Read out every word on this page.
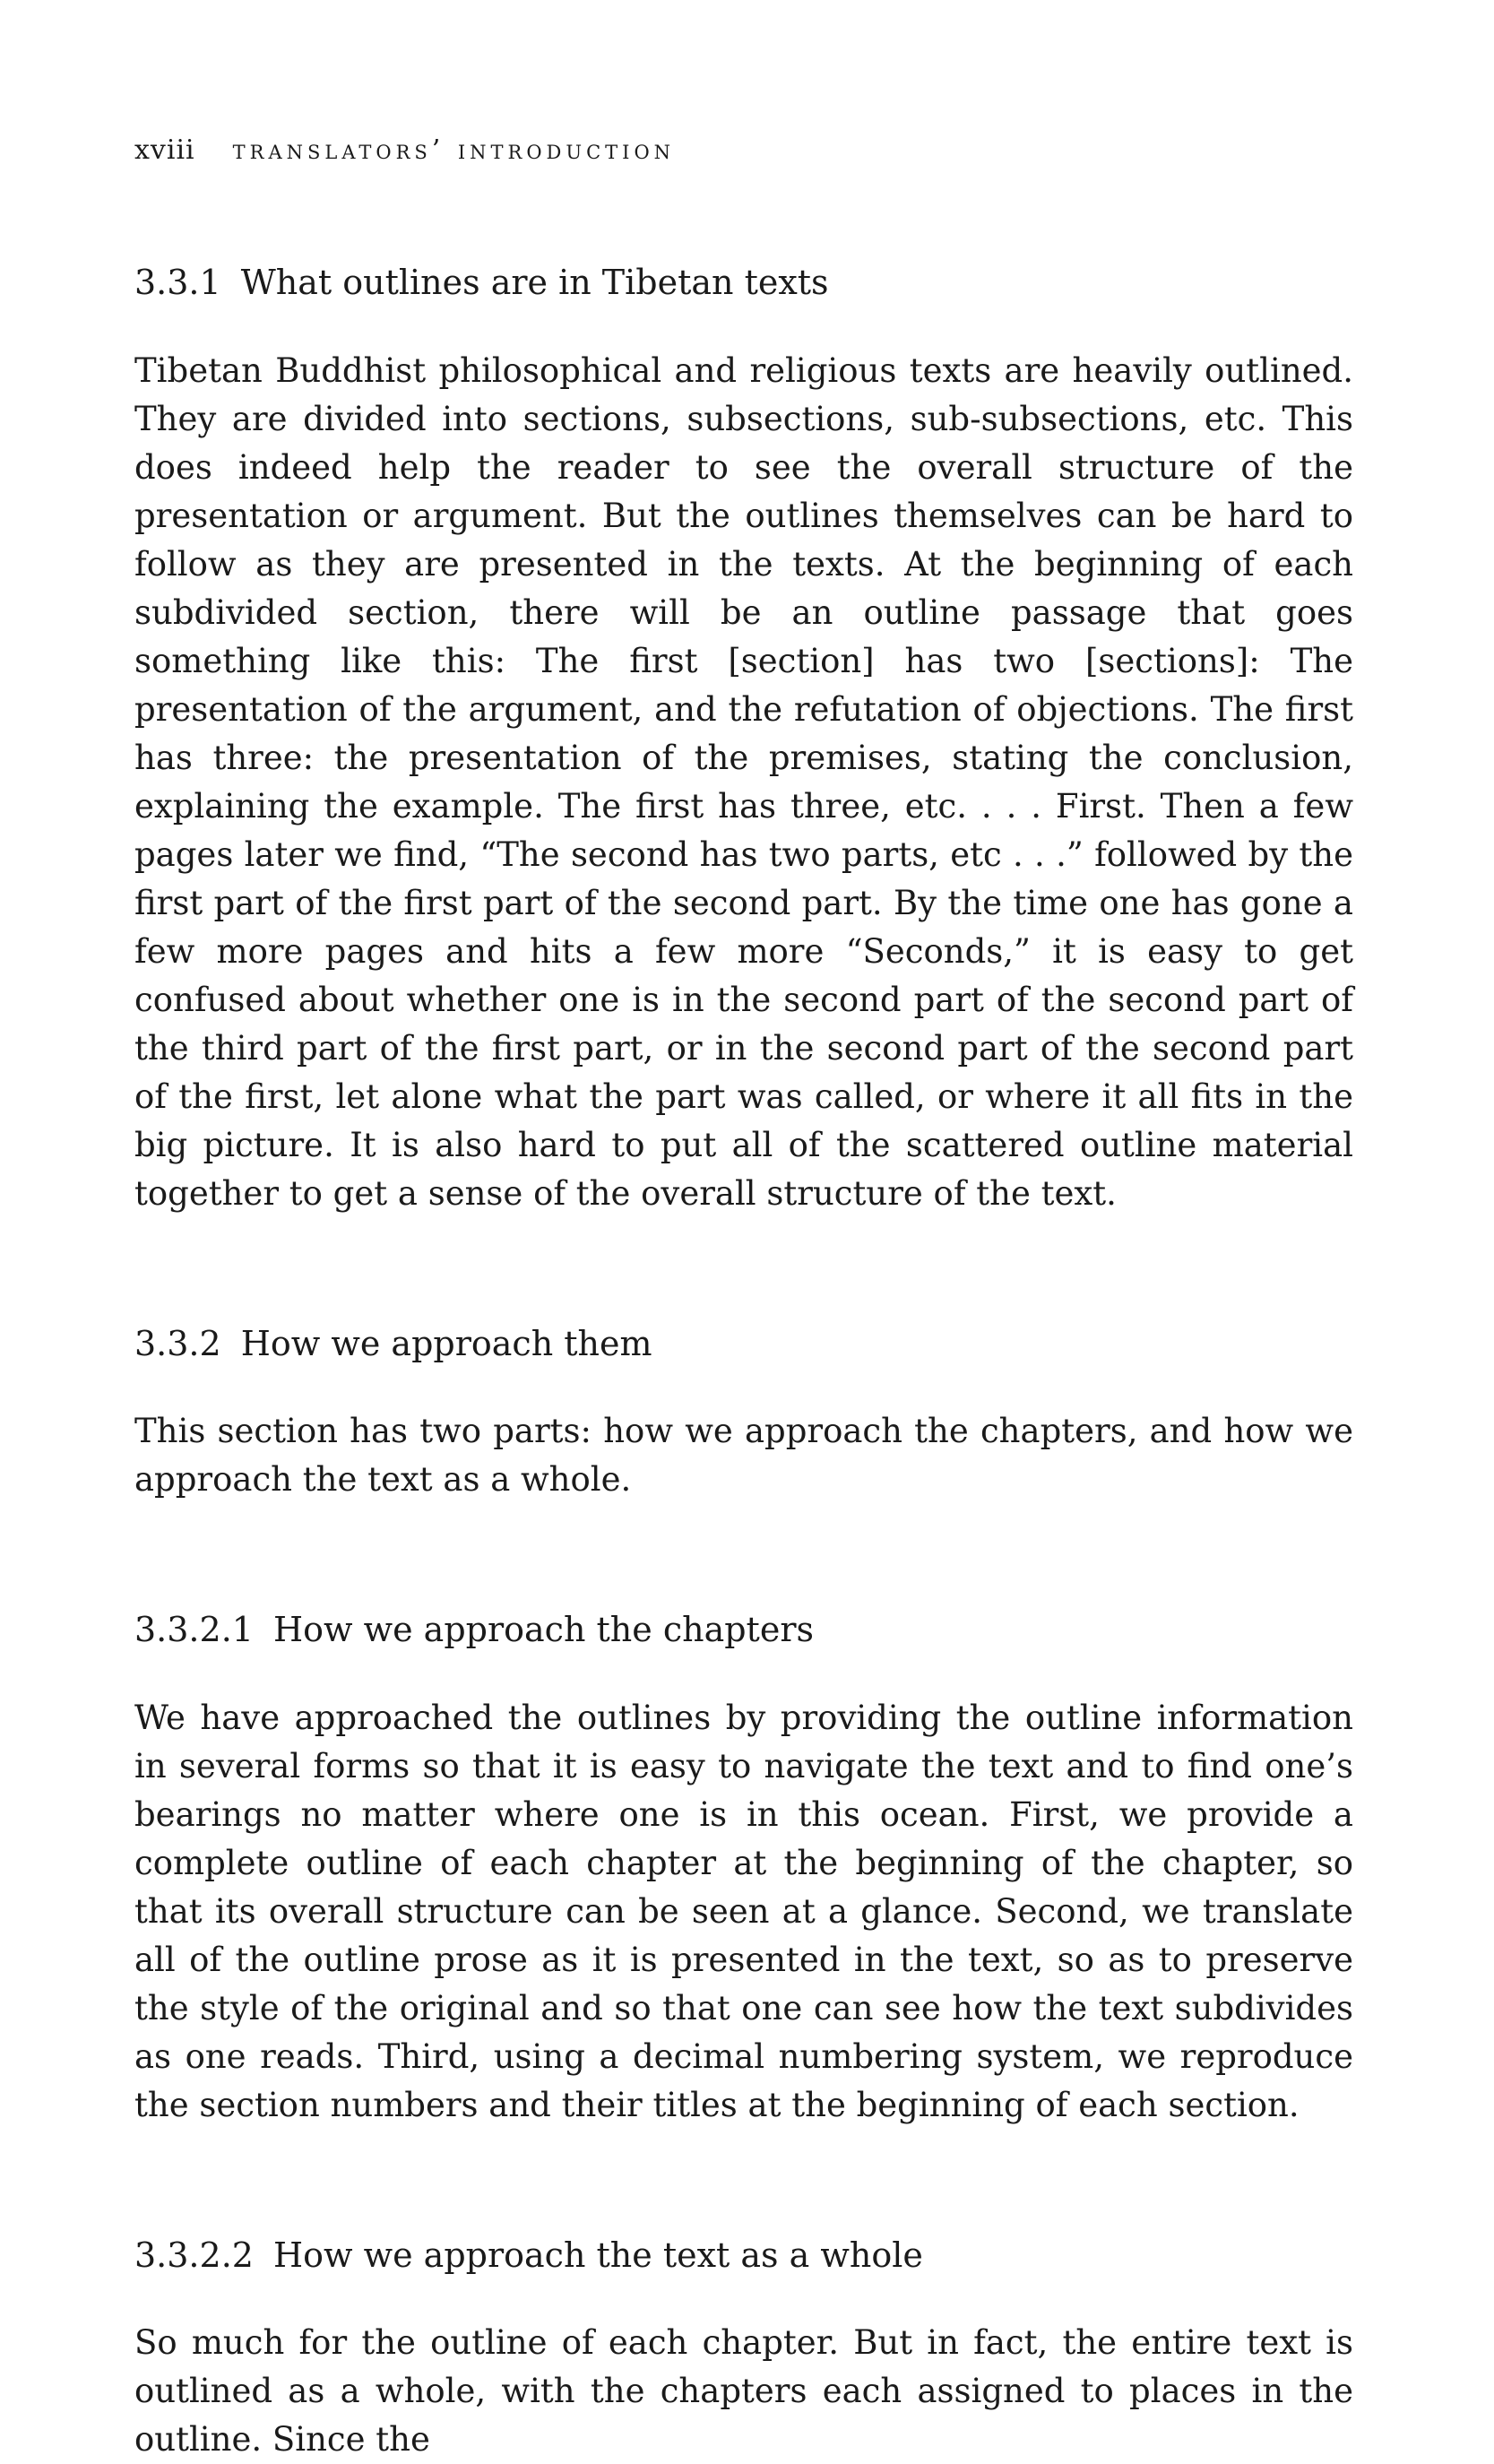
xviii translators’ introduction
3.3.1 What outlines are in Tibetan texts

Tibetan Buddhist philosophical and religious texts are heavily outlined. They are divided into sections, subsections, sub-subsections, etc. This does indeed help the reader to see the overall structure of the presentation or argument. But the outlines themselves can be hard to follow as they are presented in the texts. At the beginning of each subdivided section, there will be an outline passage that goes something like this: The first [section] has two [sections]: The presentation of the argument, and the refutation of objections. The first has three: the presentation of the premises, stating the conclusion, explaining the example. The first has three, etc. . . . First. Then a few pages later we find, “The second has two parts, etc . . .” followed by the first part of the first part of the second part. By the time one has gone a few more pages and hits a few more “Seconds,” it is easy to get confused about whether one is in the second part of the second part of the third part of the first part, or in the second part of the second part of the first, let alone what the part was called, or where it all fits in the big picture. It is also hard to put all of the scattered outline material together to get a sense of the overall structure of the text.

3.3.2 How we approach them

This section has two parts: how we approach the chapters, and how we approach the text as a whole.

3.3.2.1 How we approach the chapters

We have approached the outlines by providing the outline information in several forms so that it is easy to navigate the text and to find one’s bearings no matter where one is in this ocean. First, we provide a complete outline of each chapter at the beginning of the chapter, so that its overall structure can be seen at a glance. Second, we translate all of the outline prose as it is presented in the text, so as to preserve the style of the original and so that one can see how the text subdivides as one reads. Third, using a decimal numbering system, we reproduce the section numbers and their titles at the beginning of each section.

3.3.2.2 How we approach the text as a whole

So much for the outline of each chapter. But in fact, the entire text is outlined as a whole, with the chapters each assigned to places in the outline. Since the
